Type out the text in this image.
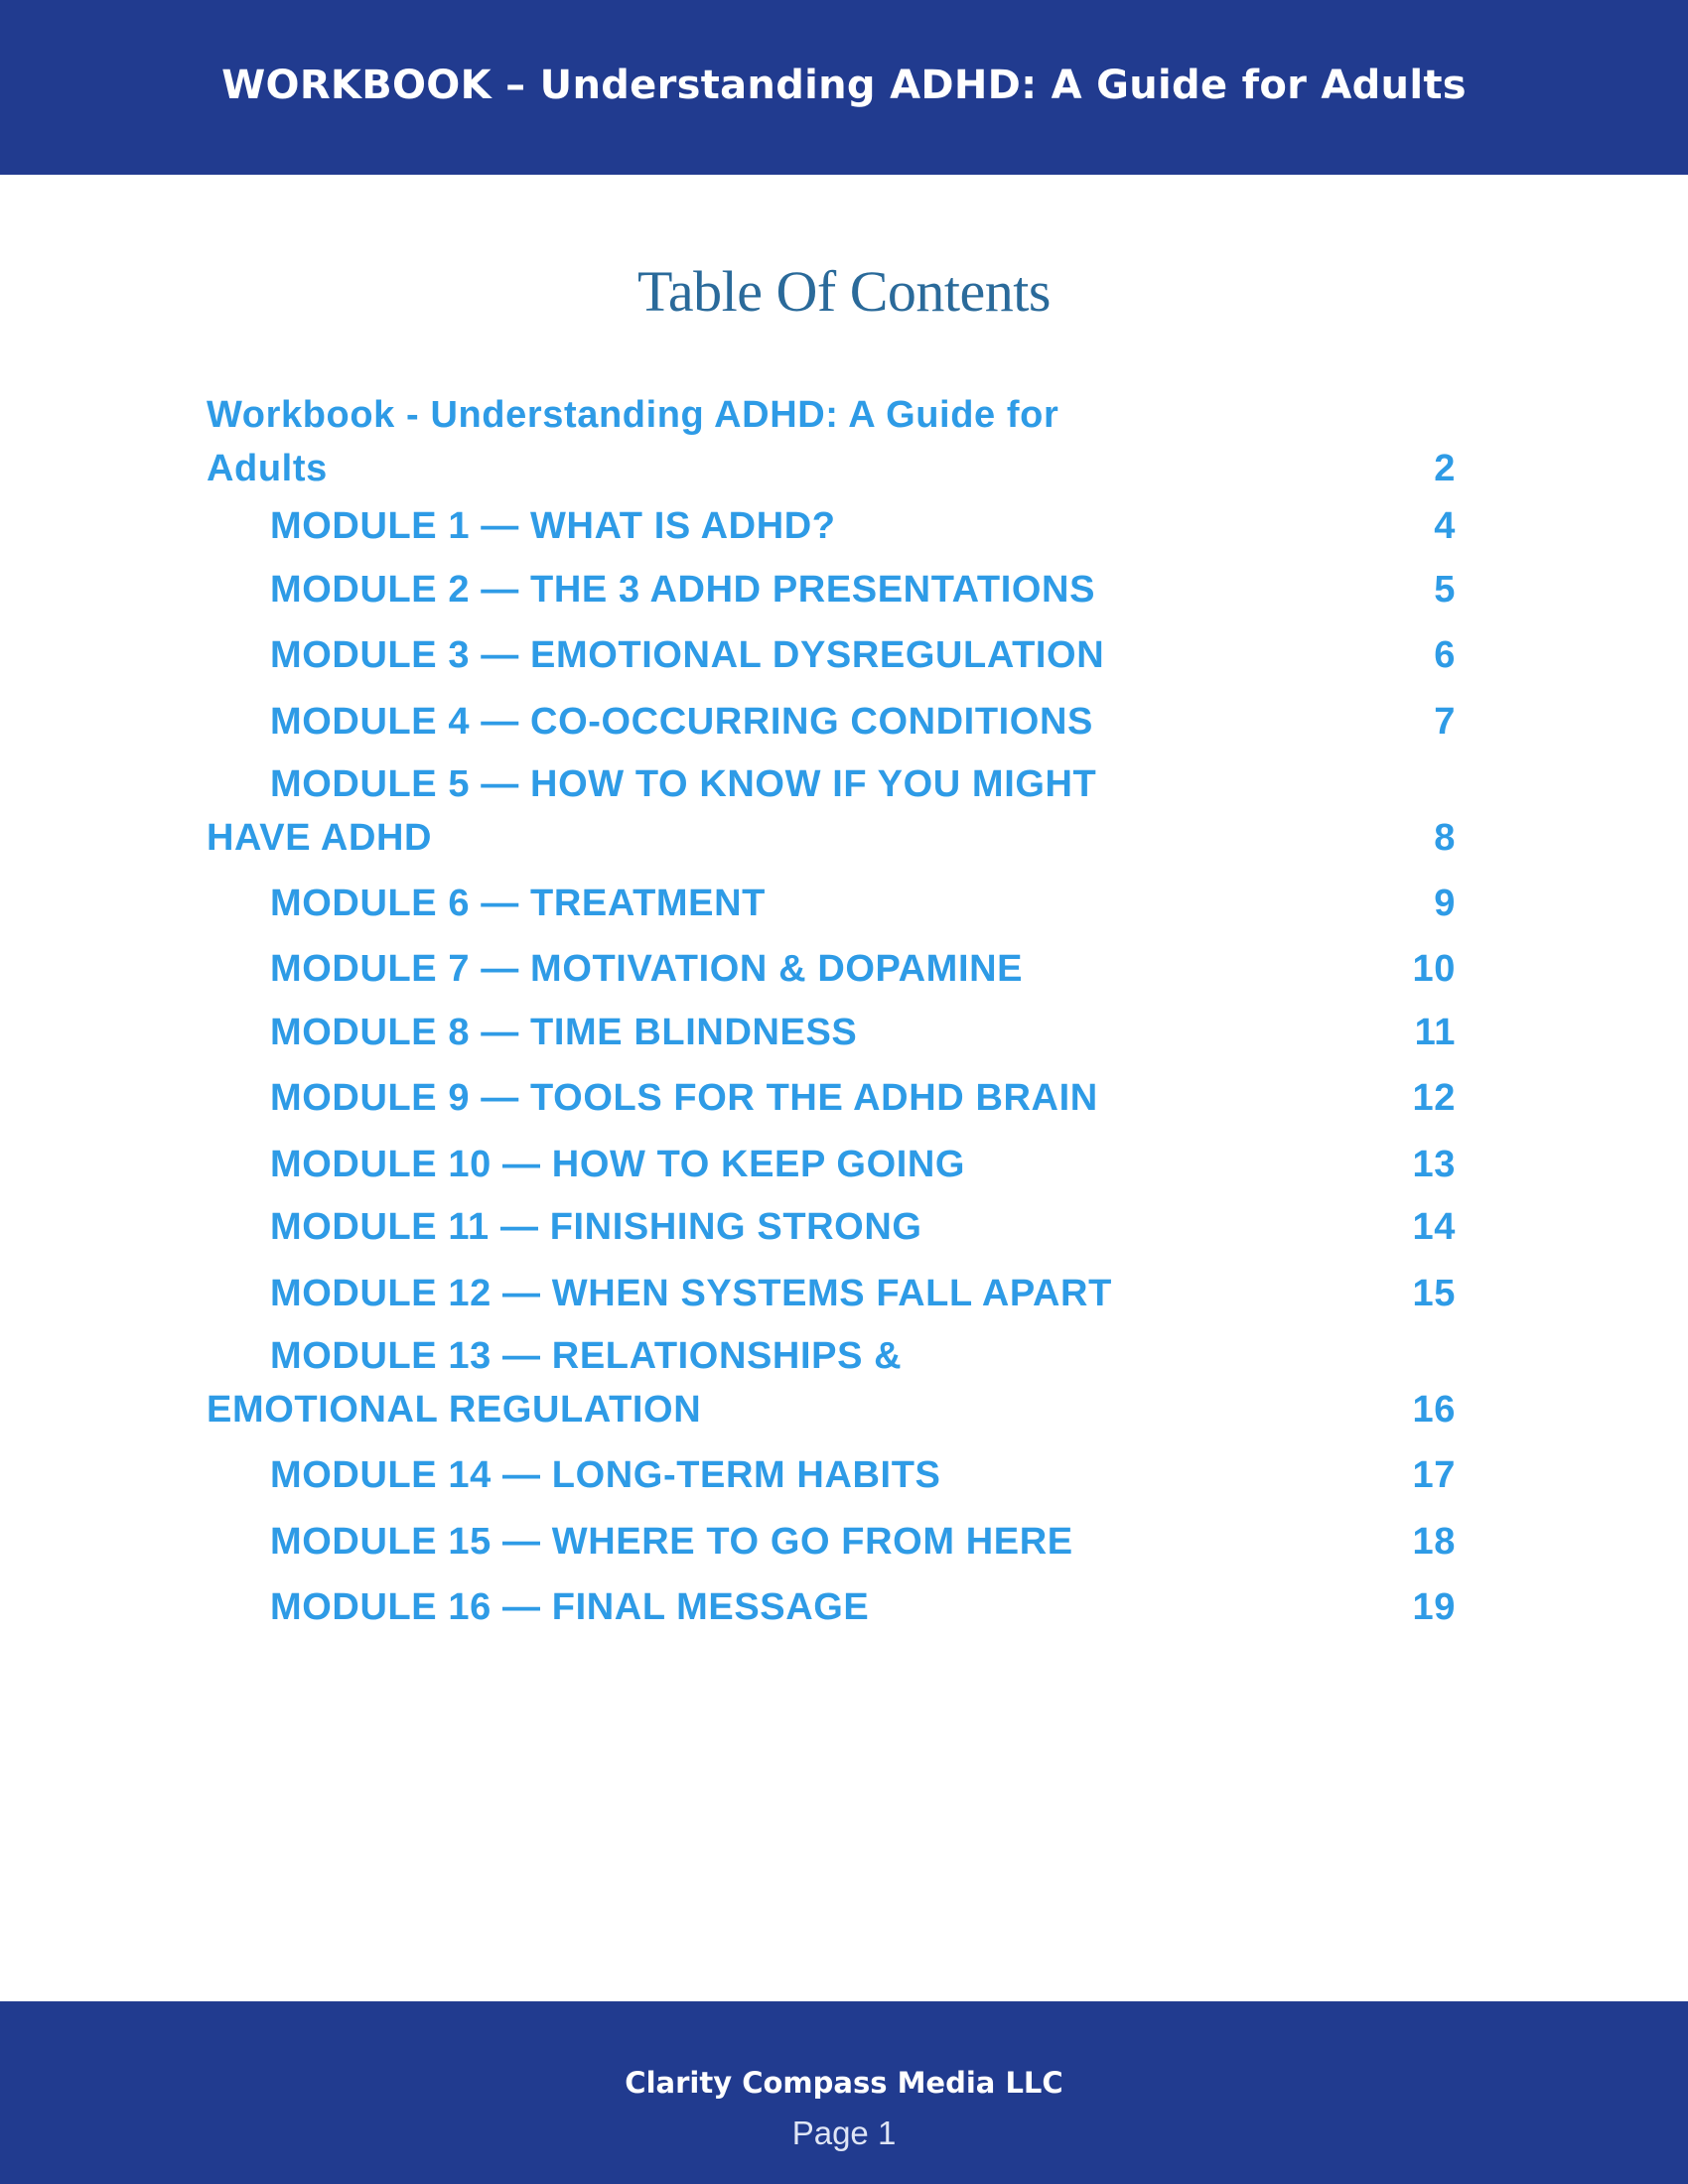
WORKBOOK – Understanding ADHD: A Guide for Adults
Table Of Contents
Workbook - Understanding ADHD: A Guide for
Adults	2
MODULE 1 — WHAT IS ADHD?	4
MODULE 2 — THE 3 ADHD PRESENTATIONS	5
MODULE 3 — EMOTIONAL DYSREGULATION	6
MODULE 4 — CO-OCCURRING CONDITIONS	7
MODULE 5 — HOW TO KNOW IF YOU MIGHT
HAVE ADHD	8
MODULE 6 — TREATMENT	9
MODULE 7 — MOTIVATION & DOPAMINE	10
MODULE 8 — TIME BLINDNESS	11
MODULE 9 — TOOLS FOR THE ADHD BRAIN	12
MODULE 10 — HOW TO KEEP GOING	13
MODULE 11 — FINISHING STRONG	14
MODULE 12 — WHEN SYSTEMS FALL APART	15
MODULE 13 — RELATIONSHIPS &
EMOTIONAL REGULATION	16
MODULE 14 — LONG-TERM HABITS	17
MODULE 15 — WHERE TO GO FROM HERE	18
MODULE 16 — FINAL MESSAGE	19
Clarity Compass Media LLC
Page 1
